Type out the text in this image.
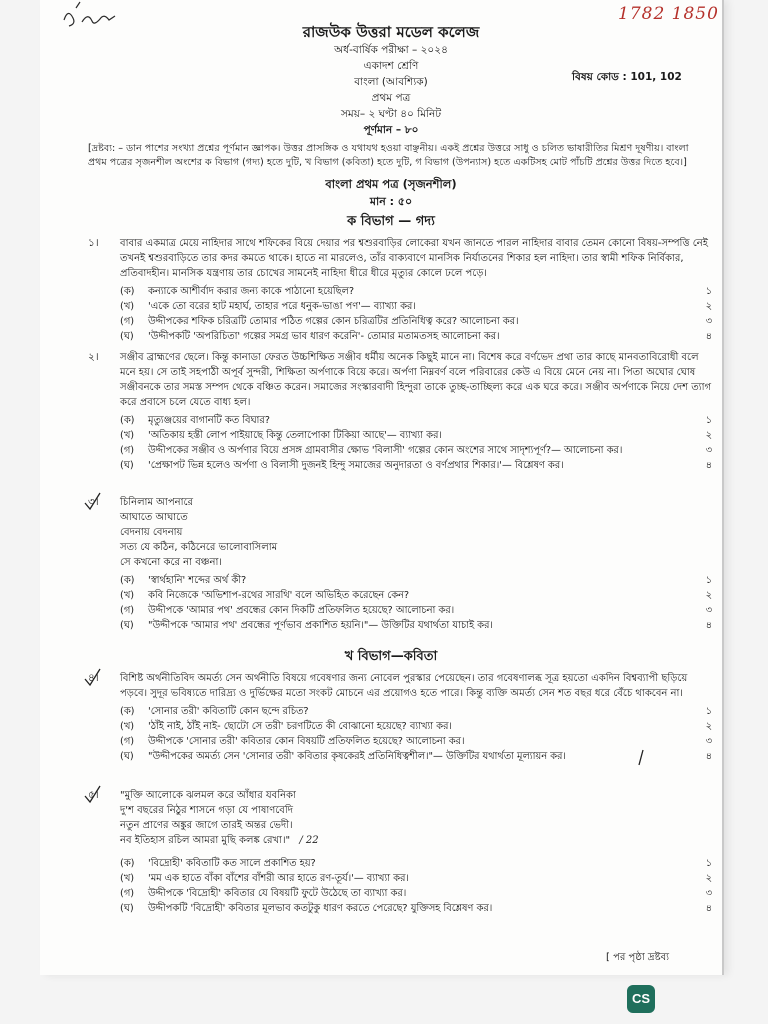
1782 1850
রাজউক উত্তরা মডেল কলেজ
অর্ধ-বার্ষিক পরীক্ষা – ২০২৪
একাদশ শ্রেণি
বাংলা (আবশ্যিক)
প্রথম পত্র
সময়– ২ ঘণ্টা ৪০ মিনিট
পূর্ণমান – ৮০
বিষয় কোড : 101, 102
[দ্রষ্টব্য: – ডান পাশের সংখ্যা প্রশ্নের পূর্ণমান জ্ঞাপক। উত্তর প্রাসঙ্গিক ও যথাযথ হওয়া বাঞ্ছনীয়। একই প্রশ্নের উত্তরে সাধু ও চলিত ভাষারীতির মিশ্রণ দূষণীয়। বাংলা প্রথম পত্রের সৃজনশীল অংশের ক বিভাগ (গদ্য) হতে দুটি, খ বিভাগ (কবিতা) হতে দুটি, গ বিভাগ (উপন্যাস) হতে একটিসহ মোট পাঁচটি প্রশ্নের উত্তর দিতে হবে।]
বাংলা প্রথম পত্র (সৃজনশীল)
মান : ৫০
ক বিভাগ — গদ্য
১। বাবার একমাত্র মেয়ে নাহিদার সাথে শফিকের বিয়ে দেয়ার পর শ্বশুরবাড়ির লোকেরা যখন জানতে পারল নাহিদার বাবার তেমন কোনো বিষয়-সম্পত্তি নেই তখনই শ্বশুরবাড়িতে তার কদর কমতে থাকে। হাতে না মারলেও, তাঁর বাক্যবাণে মানসিক নির্যাতনের শিকার হল নাহিদা। তার স্বামী শফিক নির্বিকার, প্রতিবাদহীন। মানসিক যন্ত্রণায় তার চোখের সামনেই নাহিদা ধীরে ধীরে মৃত্যুর কোলে ঢলে পড়ে।
(ক)	কন্যাকে আশীর্বাদ করার জন্য কাকে পাঠানো হয়েছিল?	১
(খ)	'একে তো বরের হাট মহার্ঘ, তাহার পরে ধনুক-ভাঙা পণ'— ব্যাখ্যা কর।	২
(গ)	উদ্দীপকের শফিক চরিত্রটি তোমার পঠিত গল্পের কোন চরিত্রটির প্রতিনিধিত্ব করে? আলোচনা কর।	৩
(ঘ)	'উদ্দীপকটি 'অপরিচিতা' গল্পের সমগ্র ভাব ধারণ করেনি'- তোমার মতামতসহ আলোচনা কর।	৪
২। সঞ্জীব ব্রাহ্মণের ছেলে। কিন্তু কানাডা ফেরত উচ্চশিক্ষিত সঞ্জীব ধর্মীয় অনেক কিছুই মানে না। বিশেষ করে বর্ণভেদ প্রথা তার কাছে মানবতাবিরোধী বলে মনে হয়। সে তাই সহপাঠী অপূর্ব সুন্দরী, শিক্ষিতা অর্পণাকে বিয়ে করে। অর্পণা নিম্নবর্ণ বলে পরিবারের কেউ এ বিয়ে মেনে নেয় না। পিতা অঘোর ঘোষ সঞ্জীবনকে তার সমস্ত সম্পদ থেকে বঞ্চিত করেন। সমাজের সংস্কারবাদী হিন্দুরা তাকে তুচ্ছ-তাচ্ছিল্য করে এক ঘরে করে। সঞ্জীব অর্পণাকে নিয়ে দেশ ত্যাগ করে প্রবাসে চলে যেতে বাধ্য হল।
(ক)	মৃত্যুঞ্জয়ের বাগানটি কত বিঘার?	১
(খ)	'অতিকায় হস্তী লোপ পাইয়াছে কিন্তু তেলাপোকা টিকিয়া আছে'— ব্যাখ্যা কর।	২
(গ)	উদ্দীপকের সঞ্জীব ও অর্পণার বিয়ে প্রসঙ্গ গ্রামবাসীর ক্ষোভ 'বিলাসী' গল্পের কোন অংশের সাথে সাদৃশ্যপূর্ণ?— আলোচনা কর।	৩
(ঘ)	'প্রেক্ষাপট ভিন্ন হলেও অর্পণা ও বিলাসী দুজনই হিন্দু সমাজের অনুদারতা ও বর্ণপ্রথার শিকার।'— বিশ্লেষণ কর।	৪
৩। চিনিলাম আপনারে
আঘাতে আঘাতে
বেদনায় বেদনায়
সত্য যে কঠিন, কঠিনেরে ভালোবাসিলাম
সে কখনো করে না বঞ্চনা।
(ক)	'স্বার্থহানি' শব্দের অর্থ কী?	১
(খ)	কবি নিজেকে 'অভিশাপ-রথের সারথি' বলে অভিহিত করেছেন কেন?	২
(গ)	উদ্দীপকে 'আমার পথ' প্রবন্ধের কোন দিকটি প্রতিফলিত হয়েছে? আলোচনা কর।	৩
(ঘ)	"উদ্দীপকে 'আমার পথ' প্রবন্ধের পূর্ণভাব প্রকাশিত হয়নি।"— উক্তিটির যথার্থতা যাচাই কর।	৪
খ বিভাগ—কবিতা
৪। বিশিষ্ট অর্থনীতিবিদ অমর্ত্য সেন অর্থনীতি বিষয়ে গবেষণার জন্য নোবেল পুরস্কার পেয়েছেন। তার গবেষণালব্ধ সূত্র হয়তো একদিন বিশ্বব্যাপী ছড়িয়ে পড়বে। সুদূর ভবিষ্যতে দারিদ্র্য ও দুর্ভিক্ষের মতো সংকট মোচনে এর প্রয়োগও হতে পারে। কিন্তু ব্যক্তি অমর্ত্য সেন শত বছর ধরে বেঁচে থাকবেন না।
(ক)	'সোনার তরী' কবিতাটি কোন ছন্দে রচিত?	১
(খ)	'ঠাঁই নাই, ঠাঁই নাই- ছোটো সে তরী' চরণটিতে কী বোঝানো হয়েছে? ব্যাখ্যা কর।	২
(গ)	উদ্দীপকে 'সোনার তরী' কবিতার কোন বিষয়টি প্রতিফলিত হয়েছে? আলোচনা কর।	৩
(ঘ)	"উদ্দীপকের অমর্ত্য সেন 'সোনার তরী' কবিতার কৃষকেরই প্রতিনিধিত্বশীল।"— উক্তিটির যথার্থতা মূল্যায়ন কর।	৪
৫। "মুক্তি আলোকে ঝলমল করে আঁধার যবনিকা
দু'শ বছরের নিঠুর শাসনে গড়া যে পাষাণবেদি
নতুন প্রাণের অঙ্কুর জাগে তারই অন্তর ভেদী।
নব ইতিহাস রচিল আমরা মুছি কলঙ্ক রেখা।" / 22
(ক)	'বিদ্রোহী' কবিতাটি কত সালে প্রকাশিত হয়?	১
(খ)	'মম এক হাতে বাঁকা বাঁশের বাঁশরী আর হাতে রণ-তূর্য।'— ব্যাখ্যা কর।	২
(গ)	উদ্দীপকে 'বিদ্রোহী' কবিতার যে বিষয়টি ফুটে উঠেছে তা ব্যাখ্যা কর।	৩
(ঘ)	উদ্দীপকটি 'বিদ্রোহী' কবিতার মূলভাব কতটুকু ধারণ করতে পেরেছে? যুক্তিসহ বিশ্লেষণ কর।	৪
[ পর পৃষ্ঠা দ্রষ্টব্য
CS
